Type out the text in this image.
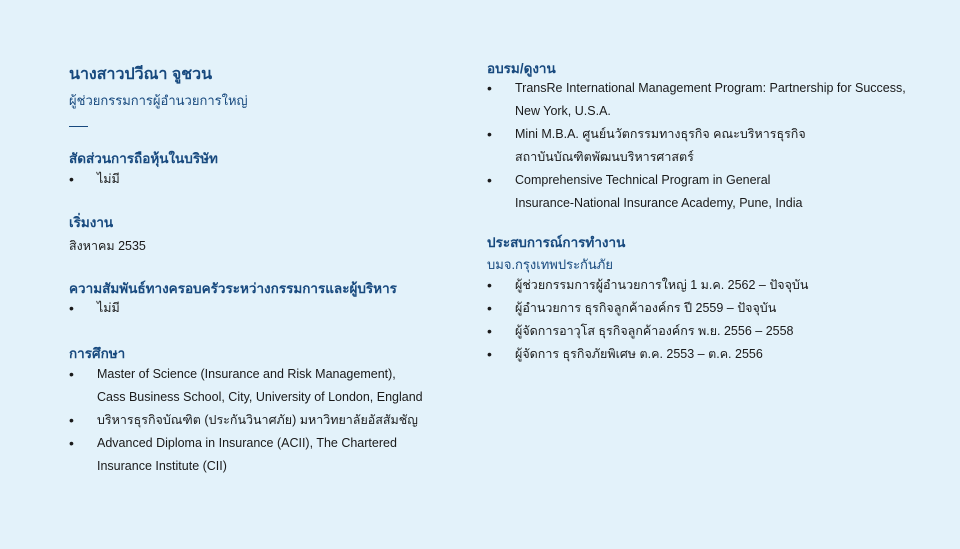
นางสาวปวีณา จูชวน
ผู้ช่วยกรรมการผู้อำนวยการใหญ่
สัดส่วนการถือหุ้นในบริษัท
• ไม่มี
เริ่มงาน
สิงหาคม 2535
ความสัมพันธ์ทางครอบครัวระหว่างกรรมการและผู้บริหาร
• ไม่มี
การศึกษา
• Master of Science (Insurance and Risk Management),
Cass Business School, City, University of London, England
• บริหารธุรกิจบัณฑิต (ประกันวินาศภัย) มหาวิทยาลัยอัสสัมชัญ
• Advanced Diploma in Insurance (ACII), The Chartered
Insurance Institute (CII)
อบรม/ดูงาน
• TransRe International Management Program: Partnership for Success,
New York, U.S.A.
• Mini M.B.A. ศูนย์นวัตกรรมทางธุรกิจ คณะบริหารธุรกิจ
สถาบันบัณฑิตพัฒนบริหารศาสตร์
• Comprehensive Technical Program in General
Insurance-National Insurance Academy, Pune, India
ประสบการณ์การทำงาน
บมจ.กรุงเทพประกันภัย
• ผู้ช่วยกรรมการผู้อำนวยการใหญ่ 1 ม.ค. 2562 – ปัจจุบัน
• ผู้อำนวยการ ธุรกิจลูกค้าองค์กร ปี 2559 – ปัจจุบัน
• ผู้จัดการอาวุโส ธุรกิจลูกค้าองค์กร พ.ย. 2556 – 2558
• ผู้จัดการ ธุรกิจภัยพิเศษ ต.ค. 2553 – ต.ค. 2556
